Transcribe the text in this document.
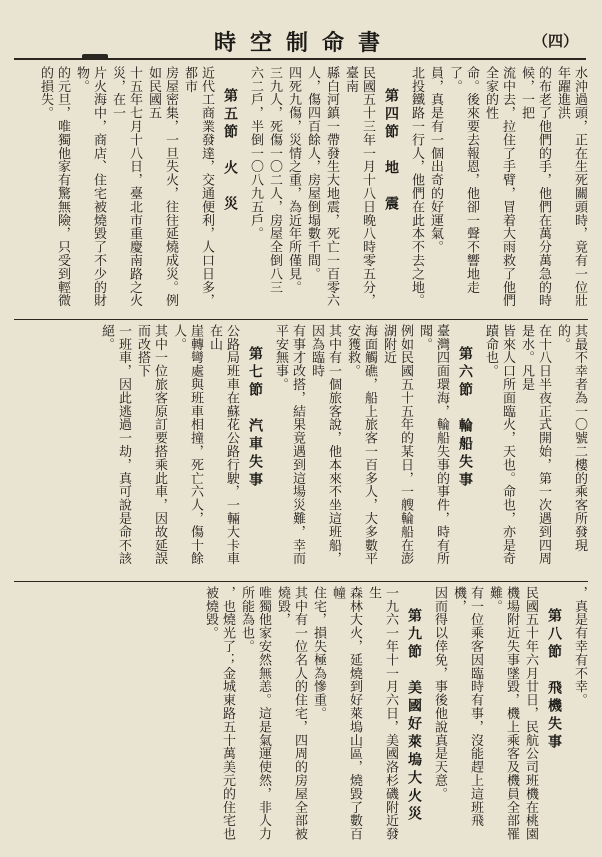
時空制命書	（四）
水沖過頭，正在生死關頭時，竟有一位壯年躍進洪
的布老了他們的手，他們在萬分萬急的時候，一把
流中去，拉住了手臂，冒着大雨救了他們全家的性
命。後來要去報恩，他卻一聲不響地走了。
員，真是有一個出奇的好運氣。
北投鐵路一行人，他們在此本不去之地。
第四節　地　震
民國五十三年一月十八日晚八時零五分，臺南
縣白河鎮一帶發生大地震，死亡一百零六
人，傷四百餘人，房屋倒塌數千間。
四死九傷，災情之重，為近年所僅見。
三九人，死傷一〇二人，房屋全倒八三
六二戶，半倒一〇八九五戶。
第五節　火　災
近代工商業發達，交通便利，人口日多，都市
房屋密集，一旦失火，往往延燒成災。例如民國五
十五年七月十八日，臺北市重慶南路之火災，在一
片火海中，商店、住宅被燒毀了不少的財物。
的元旦，唯獨他家有驚無險，只受到輕微的損失。
其最不幸者為一〇號二樓的乘客所發現的。
在十八日半夜正式開始，第一次遇到四周是水。凡是
皆來人口所面臨火，天也。命也，亦是奇蹟命也。
第六節　輪船失事
臺灣四面環海，輪船失事的事件，時有所聞。
例如民國五十五年的某日，一艘輪船在澎湖附近
海面觸礁，船上旅客一百多人，大多數平安獲救。
其中有一個旅客說，他本來不坐這班船，因為臨時
有事才改搭，結果竟遇到這場災難，幸而平安無事。
第七節　汽車失事
公路局班車在蘇花公路行駛，一輛大卡車在山
崖轉彎處與班車相撞，死亡六人，傷十餘人。
其中一位旅客原訂要搭乘此車，因故延誤而改搭下
一班車，因此逃過一劫，真可說是命不該絕。
，真是有幸有不幸。
第八節　飛機失事
民國五十年六月廿日，民航公司班機在桃園
機場附近失事墜毀，機上乘客及機員全部罹難。
有一位乘客因臨時有事，沒能趕上這班飛機，
因而得以倖免，事後他說真是天意。
第九節　美國好萊塢大火災
一九六一年十一月六日，美國洛杉磯附近發生
森林大火，延燒到好萊塢山區，燒毀了數百幢
住宅，損失極為慘重。
其中有一位名人的住宅，四周的房屋全部被燒毀，
唯獨他家安然無恙。這是氣運使然，非人力所能為也。
，也燒光了；金城東路五十萬美元的住宅也被燒毀。
